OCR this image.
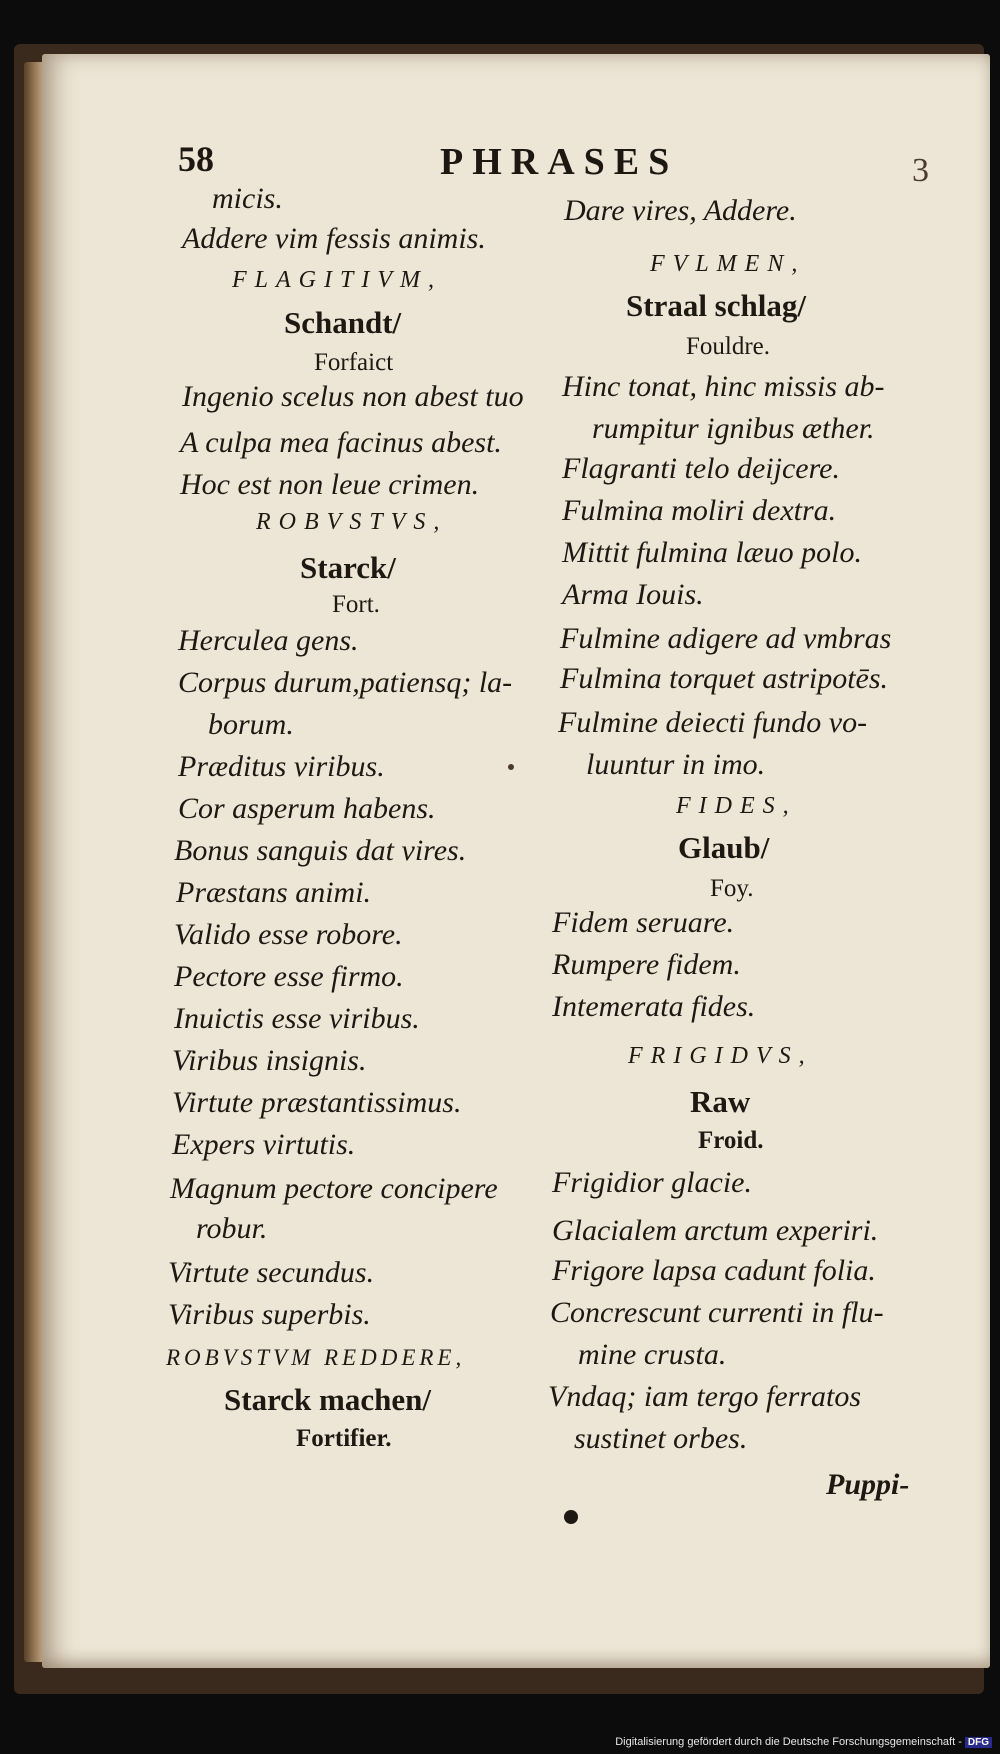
58	PHRASES	3
micis.
Addere vim fessis animis.
FLAGITIVM,
Schandt/
Forfaict
Ingenio scelus non abest tuo
A culpa mea facinus abest.
Hoc est non leue crimen.
ROBVSTVS,
Starck/
Fort.
Herculea gens.
Corpus durum,patiensq; la-
borum.
Præditus viribus.
Cor asperum habens.
Bonus sanguis dat vires.
Præstans animi.
Valido esse robore.
Pectore esse firmo.
Inuictis esse viribus.
Viribus insignis.
Virtute præstantissimus.
Expers virtutis.
Magnum pectore concipere
robur.
Virtute secundus.
Viribus superbis.
ROBVSTVM REDDERE,
Starck machen/
Fortifier.
Dare vires, Addere.
FVLMEN,
Straal schlag/
Fouldre.
Hinc tonat, hinc missis ab-
rumpitur ignibus æther.
Flagranti telo deijcere.
Fulmina moliri dextra.
Mittit fulmina læuo polo.
Arma Iouis.
Fulmine adigere ad vmbras
Fulmina torquet astripotēs.
Fulmine deiecti fundo vo-
luuntur in imo.
FIDES,
Glaub/
Foy.
Fidem seruare.
Rumpere fidem.
Intemerata fides.
FRIGIDVS,
Raw
Froid.
Frigidior glacie.
Glacialem arctum experiri.
Frigore lapsa cadunt folia.
Concrescunt currenti in flu-
mine crusta.
Vndaq; iam tergo ferratos
sustinet orbes.
Puppi-
Digitalisierung gefördert durch die Deutsche Forschungsgemeinschaft - DFG
